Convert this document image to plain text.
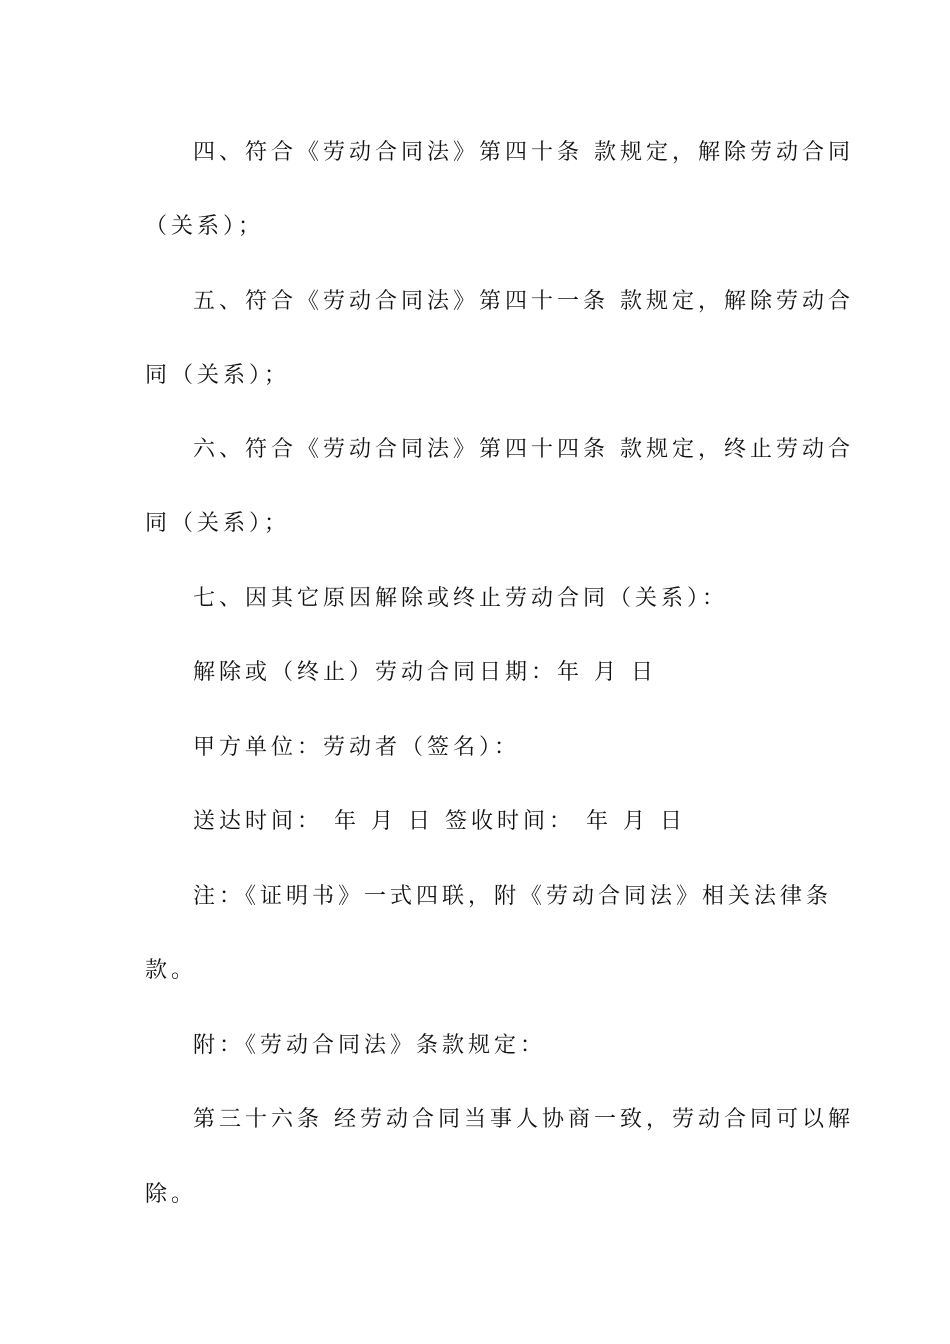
四、符合《劳动合同法》第四十条 款规定，解除劳动合同
（关系）；
五、符合《劳动合同法》第四十一条 款规定，解除劳动合
同（关系）；
六、符合《劳动合同法》第四十四条 款规定，终止劳动合
同（关系）；
七、因其它原因解除或终止劳动合同（关系）：
解除或（终止）劳动合同日期：年 月 日
甲方单位：劳动者（签名）：
送达时间： 年 月 日 签收时间： 年 月 日
注：《证明书》一式四联，附《劳动合同法》相关法律条
款。
附：《劳动合同法》条款规定：
第三十六条 经劳动合同当事人协商一致，劳动合同可以解
除。
